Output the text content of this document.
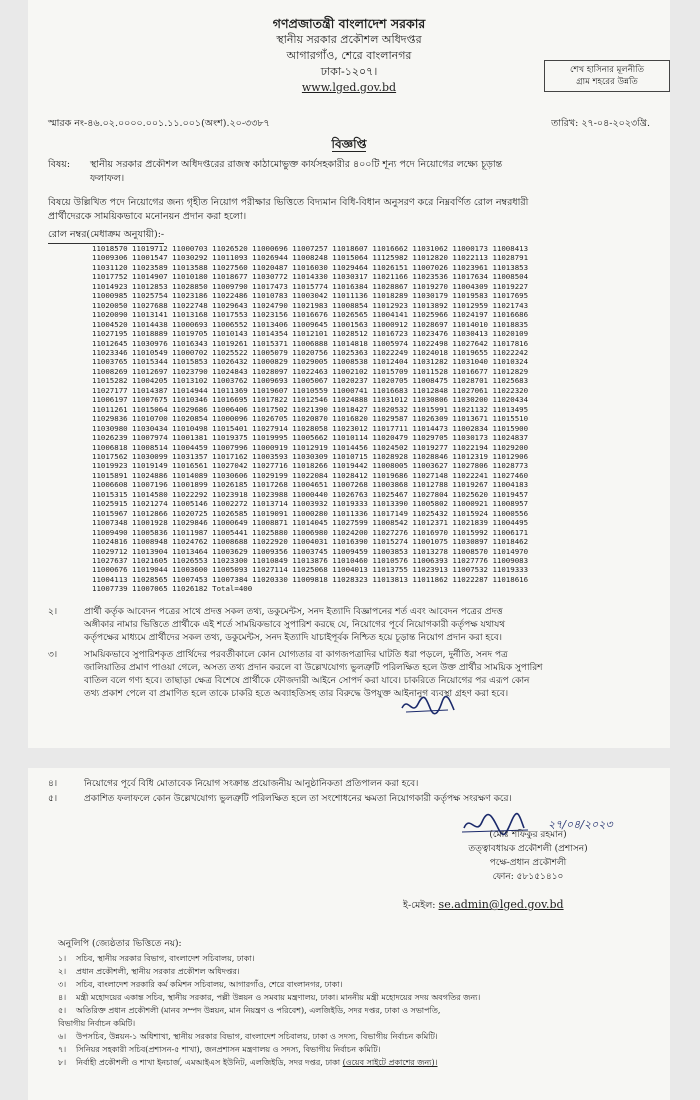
গণপ্রজাতন্ত্রী বাংলাদেশ সরকার

স্থানীয় সরকার প্রকৌশল অধিদপ্তর

আগারগাঁও, শেরে বাংলানগর

ঢাকা-১২০৭।

www.lged.gov.bd

শেখ হাসিনার মূলনীতি
গ্রাম শহরের উন্নতি
স্মারক নং-৪৬.০২.০০০০.০০১.১১.০০১(অংশ).২০-৩৩৮৭	তারিখ: ২৭-০৪-২০২৩খ্রি.
বিজ্ঞপ্তি
বিষয়: স্থানীয় সরকার প্রকৌশল অধিদপ্তরের রাজস্ব কাঠামোভুক্ত কার্যসহকারীর ৪০০টি শূন্য পদে নিয়োগের লক্ষ্যে চূড়ান্ত
ফলাফল।
বিষয়ে উল্লিখিত পদে নিয়োগের জন্য গৃহীত নিয়োগ পরীক্ষার ভিত্তিতে বিদ্যমান বিধি-বিধান অনুসরণ করে নিম্নবর্ণিত রোল নম্বরধারী
প্রার্থীদেরকে সাময়িকভাবে মনোনয়ন প্রদান করা হলো।
রোল নম্বর(মেধাক্রম অনুযায়ী):-
11018570 11019712 11000703 11026520 11000696 11007257 11018607 11016662 11031062 11000173 11008413
11009306 11001547 11030292 11011093 11026944 11008248 11015064 11125982 11012820 11022113 11028791
11031120 11023589 11013588 11027560 11020487 11016030 11029464 11026151 11007026 11023961 11013853
11017752 11014907 11010180 11018677 11030772 11014330 11030317 11021166 11023536 11017634 11008504
11014923 11012853 11028850 11009790 11017473 11015774 11016384 11028867 11019270 11004309 11019227
11000985 11025754 11023186 11022486 11010783 11003042 11011136 11018289 11030179 11019583 11017695
11020050 11027688 11022748 11029643 11024790 11021983 11008854 11012923 11013892 11012959 11021743
11020090 11013141 11013168 11017553 11023156 11016676 11026565 11004141 11025966 11024197 11016686
11004520 11014438 11000693 11006552 11013406 11009645 11001563 11000912 11028697 11014010 11018835
11027195 11018889 11019705 11010143 11014354 11012101 11028512 11016723 11023476 11030413 11020109
11012645 11030976 11016343 11019261 11015371 11006888 11014818 11005974 11022498 11027642 11017816
11023346 11010549 11000702 11025522 11005079 11020756 11025363 11022249 11024018 11019655 11022242
11003765 11015344 11015853 11026432 11000829 11029005 11008538 11012404 11031282 11031040 11010324
11008269 11012697 11023790 11024843 11028097 11022463 11002102 11015709 11011528 11016677 11012829
11015282 11004205 11013102 11003762 11009693 11005067 11020237 11020705 11008475 11028701 11025683
11027177 11014387 11014944 11011369 11019607 11010559 11000741 11016683 11012848 11027061 11022320
11006197 11007675 11010346 11016695 11017822 11012546 11024888 11031012 11030806 11030200 11020434
11011261 11015064 11029686 11006406 11017502 11021390 11018427 11020532 11015991 11021132 11013495
11029836 11010700 11020854 11000096 11026705 11020870 11016820 11029587 11026309 11013671 11015510
11030980 11030434 11010498 11015401 11027914 11028058 11023012 11017711 11014473 11002834 11015900
11026239 11007974 11001381 11019375 11019995 11005662 11010114 11020479 11029705 11030173 11024837
11006818 11008514 11004459 11007996 11000919 11012919 11014456 11024502 11019277 11022194 11029200
11017562 11030099 11031357 11017162 11003593 11030309 11010715 11028928 11028846 11012319 11012906
11019923 11019149 11016561 11027042 11027716 11018266 11019442 11008005 11003627 11027806 11028773
11015891 11024886 11014089 11030606 11029199 11022084 11028412 11019686 11027148 11022241 11027460
11006608 11007196 11001899 11026185 11017268 11004651 11007268 11003868 11012788 11019267 11004183
11015315 11014580 11022292 11023918 11023988 11000440 11026763 11025467 11027804 11025620 11019457
11025915 11021274 11005146 11002272 11013714 11003932 11019333 11013390 11005802 11000921 11008957
11015967 11012866 11020725 11026585 11019091 11000280 11011336 11017149 11025432 11015924 11000556
11007348 11001928 11029846 11000649 11008871 11014045 11027599 11008542 11012371 11021839 11004495
11009490 11005836 11011987 11005441 11025880 11006980 11024200 11027276 11016970 11015992 11006171
11024816 11008948 11024762 11008688 11022920 11004031 11016390 11015274 11001075 11030897 11018462
11029712 11013904 11013464 11003629 11009356 11003745 11009459 11003853 11013278 11008570 11014970
11027637 11021605 11026553 11023300 11010849 11013876 11010460 11010576 11006393 11027776 11009083
11000676 11019044 11003600 11005093 11027114 11025068 11004013 11013755 11023913 11007532 11019333
11004113 11028565 11007453 11007384 11020330 11009818 11028323 11013813 11011862 11022287 11018616
11007739 11007065 11026182 Total=400
২।	প্রার্থী কর্তৃক আবেদন পত্রের সাথে প্রদত্ত সকল তথ্য, ডকুমেন্টস, সনদ ইত্যাদি বিজ্ঞাপনের শর্ত এবং আবেদন পত্রের প্রদত্ত
অঙ্গীকার নামার ভিত্তিতে প্রার্থীকে এই শর্তে সাময়িকভাবে সুপারিশ করছে যে, নিয়োগের পূর্বে নিয়োগকারী কর্তৃপক্ষ যথাযথ
কর্তৃপক্ষের মাধ্যমে প্রার্থীদের সকল তথ্য, ডকুমেন্টস, সনদ ইত্যাদি যাচাইপূর্বক নিশ্চিত হয়ে চূড়ান্ত নিয়োগ প্রদান করা হবে।
৩।	সাময়িকভাবে সুপারিশকৃত প্রার্থিদের পরবর্তীকালে কোন যোগ্যতার বা কাগজপত্রাদির ঘাটতি ধরা পড়লে, দুর্নীতি, সনদ পত্র
জালিয়াতির প্রমাণ পাওয়া গেলে, অসত্য তথ্য প্রদান করলে বা উল্লেখযোগ্য ভুলত্রুটি পরিলক্ষিত হলে উক্ত প্রার্থীর সাময়িক সুপারিশ
বাতিল বলে গণ্য হবে। তাছাড়া ক্ষেত্র বিশেষে প্রার্থীকে ফৌজদারী আইনে সোপর্দ করা যাবে। চাকরিতে নিয়োগের পর এরূপ কোন
তথ্য প্রকাশ পেলে বা প্রমাণিত হলে তাকে চাকরি হতে অব্যাহতিসহ তার বিরুদ্ধে উপযুক্ত আইনানুগ ব্যবস্থা গ্রহণ করা হবে।
৪।	নিয়োগের পূর্বে বিধি মোতাবেক নিয়োগ সংক্রান্ত প্রয়োজনীয় আনুষ্ঠানিকতা প্রতিপালন করা হবে।
৫।	প্রকাশিত ফলাফলে কোন উল্লেখযোগ্য ভুলত্রুটি পরিলক্ষিত হলে তা সংশোধনের ক্ষমতা নিয়োগকারী কর্তৃপক্ষ সংরক্ষণ করে।
২৭/০৪/২০২৩
(মোঃ শফিকুর রহমান)
তত্ত্বাবধায়ক প্রকৌশলী (প্রশাসন)
পক্ষে-প্রধান প্রকৌশলী
ফোন: ৫৮১৫১৪১০
ই-মেইল: se.admin@lged.gov.bd
অনুলিপি (জ্যেষ্ঠতার ভিত্তিতে নয়):
১। সচিব, স্থানীয় সরকার বিভাগ, বাংলাদেশ সচিবালয়, ঢাকা।
২। প্রধান প্রকৌশলী, স্থানীয় সরকার প্রকৌশল অধিদপ্তর।
৩। সচিব, বাংলাদেশ সরকারি কর্ম কমিশন সচিবালয়, আগারগাঁও, শেরে বাংলানগর, ঢাকা।
৪। মন্ত্রী মহোদয়ের একান্ত সচিব, স্থানীয় সরকার, পল্লী উন্নয়ন ও সমবায় মন্ত্রণালয়, ঢাকা। মাননীয় মন্ত্রী মহোদয়ের সদয় অবগতির জন্য।
৫। অতিরিক্ত প্রধান প্রকৌশলী (মানব সম্পদ উন্নয়ন, মান নিয়ন্ত্রণ ও পরিবেশ), এলজিইডি, সদর দপ্তর, ঢাকা ও সভাপতি,
বিভাগীয় নির্বাচন কমিটি।
৬। উপসচিব, উন্নয়ন-১ অধিশাখা, স্থানীয় সরকার বিভাগ, বাংলাদেশ সচিবালয়, ঢাকা ও সদস্য, বিভাগীয় নির্বাচন কমিটি।
৭। সিনিয়র সহকারী সচিব(প্রশাসন-৫ শাখা), জনপ্রশাসন মন্ত্রণালয় ও সদস্য, বিভাগীয় নির্বাচন কমিটি।
৮। নির্বাহী প্রকৌশলী ও শাখা ইনচার্জ, এমআইএস ইউনিট, এলজিইডি, সদর দপ্তর, ঢাকা (ওয়েব সাইটে প্রকাশের জন্য)।
